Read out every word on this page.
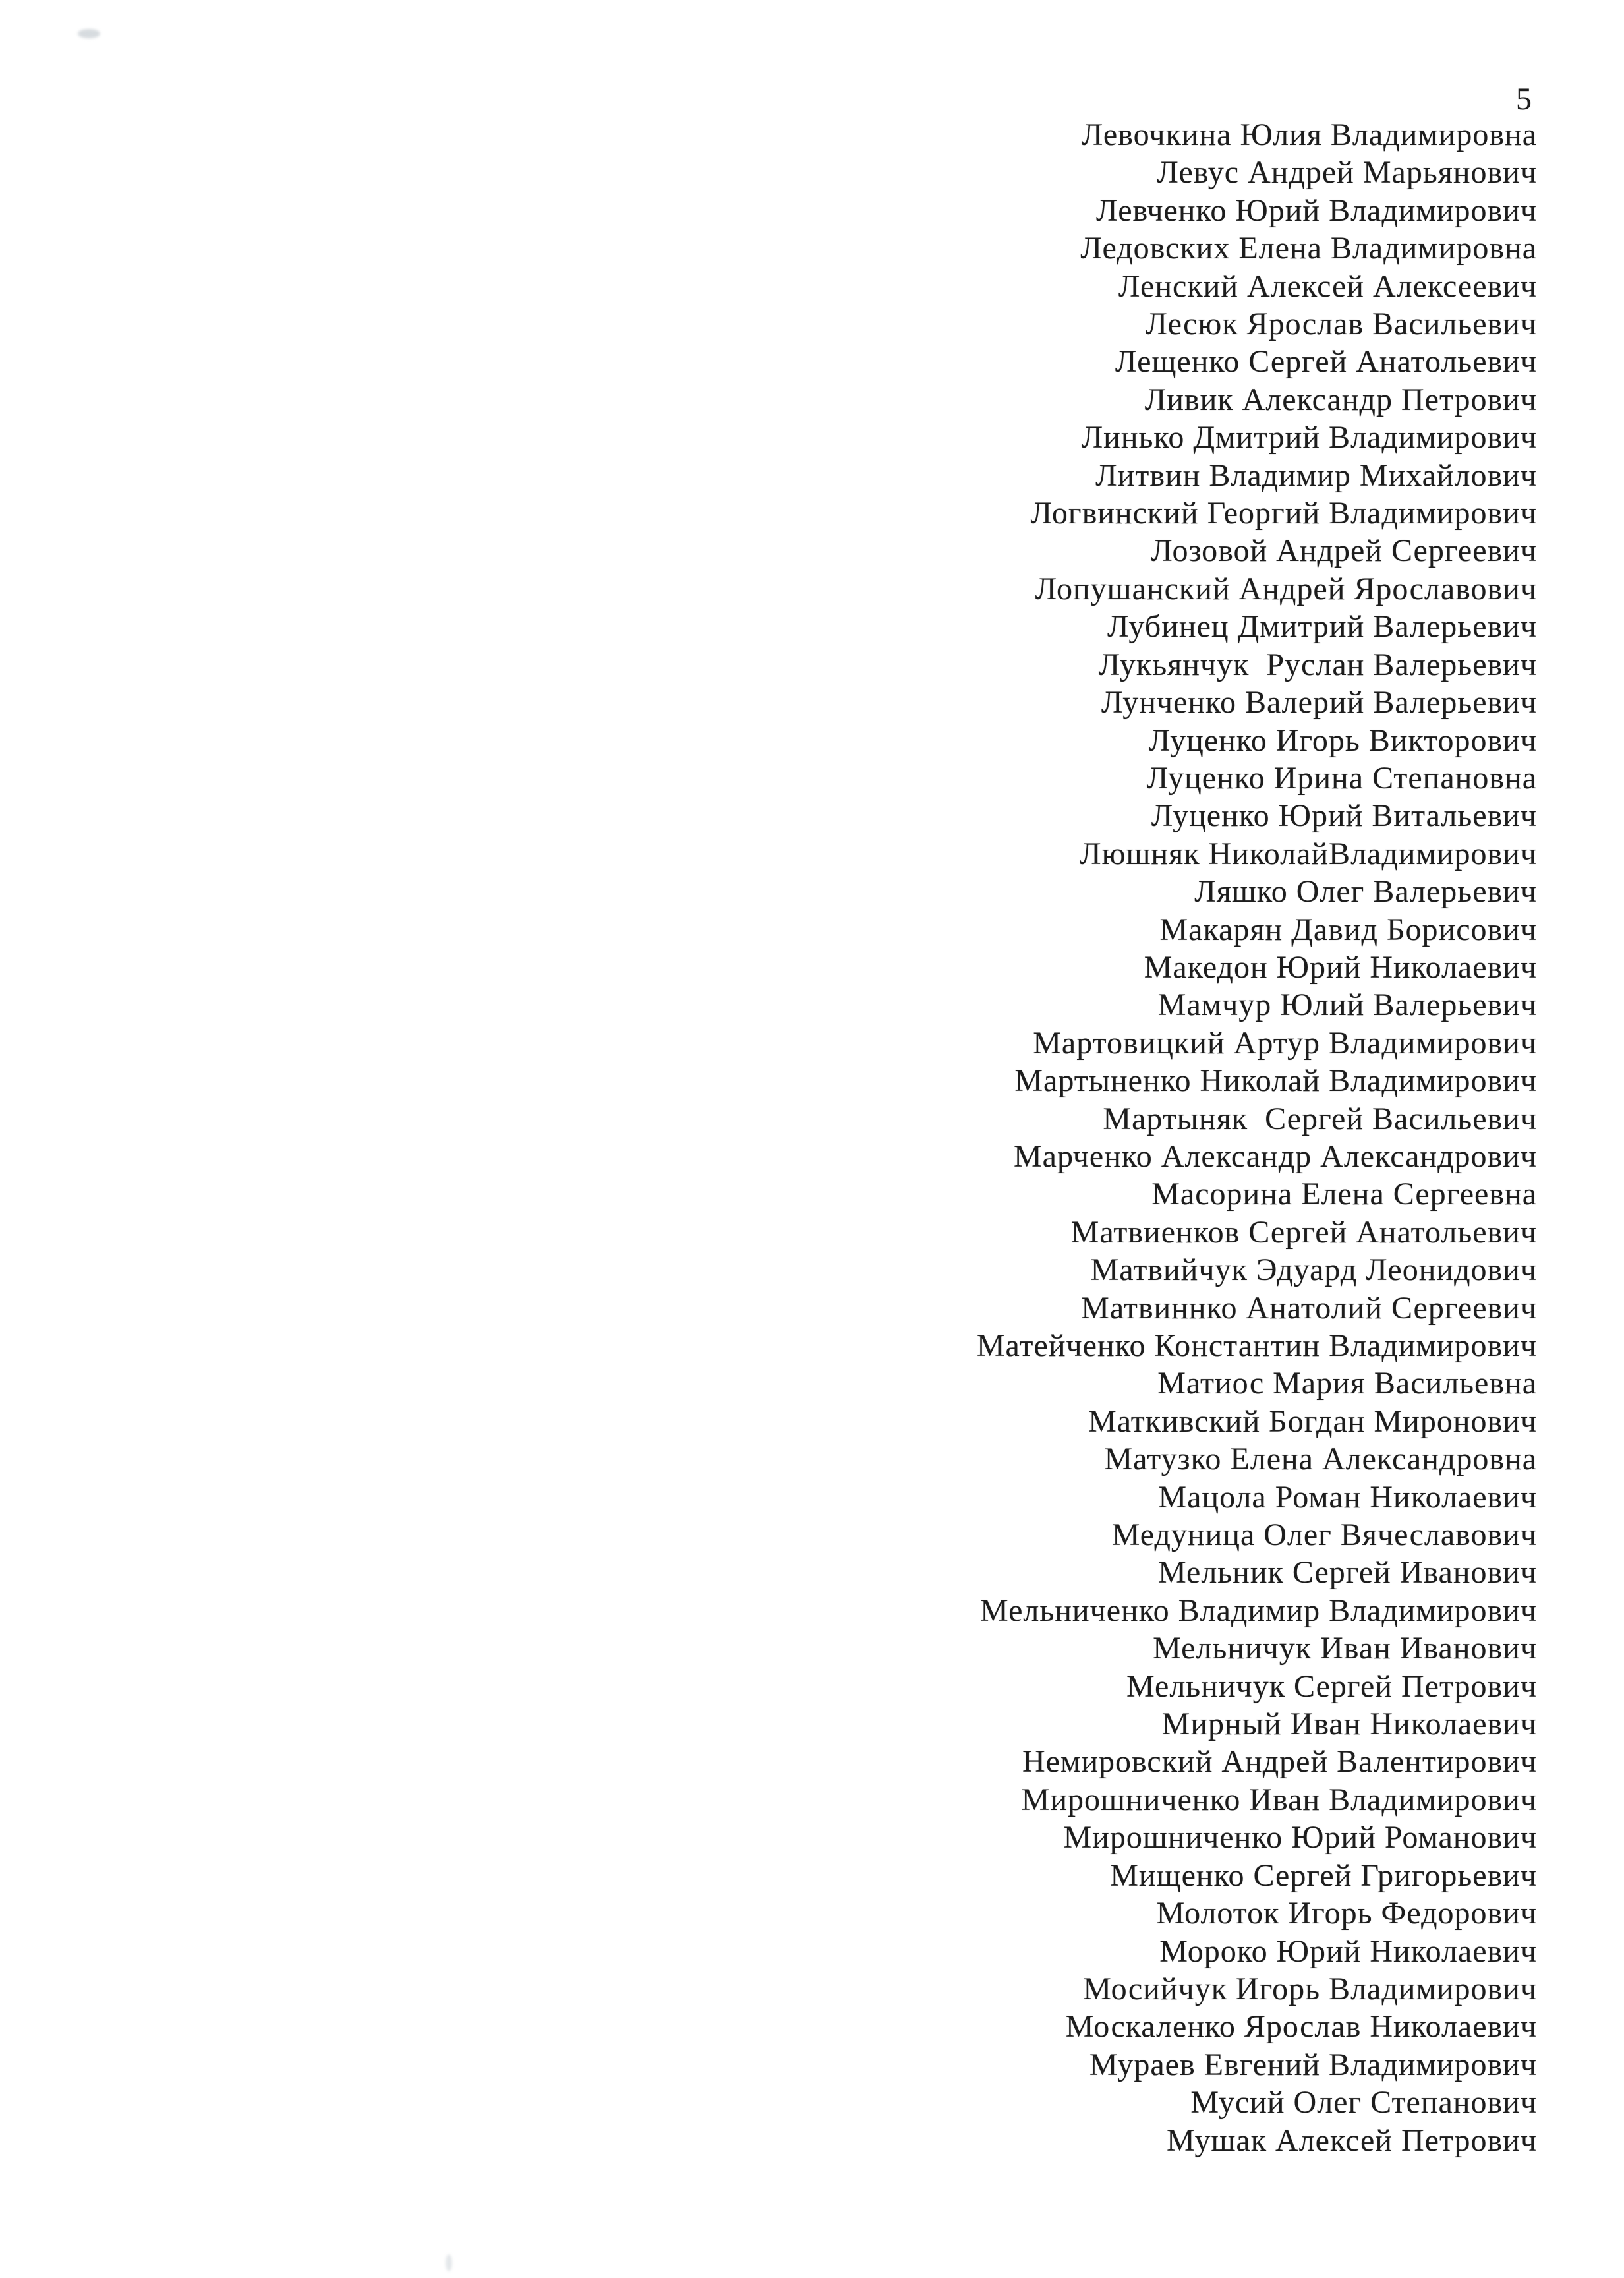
5
Левочкина Юлия Владимировна
Левус Андрей Марьянович
Левченко Юрий Владимирович
Ледовских Елена Владимировна
Ленский Алексей Алексеевич
Лесюк Ярослав Васильевич
Лещенко Сергей Анатольевич
Ливик Александр Петрович
Линько Дмитрий Владимирович
Литвин Владимир Михайлович
Логвинский Георгий Владимирович
Лозовой Андрей Сергеевич
Лопушанский Андрей Ярославович
Лубинец Дмитрий Валерьевич
Лукьянчук  Руслан Валерьевич
Лунченко Валерий Валерьевич
Луценко Игорь Викторович
Луценко Ирина Степановна
Луценко Юрий Витальевич
Люшняк НиколайВладимирович
Ляшко Олег Валерьевич
Макарян Давид Борисович
Македон Юрий Николаевич
Мамчур Юлий Валерьевич
Мартовицкий Артур Владимирович
Мартыненко Николай Владимирович
Мартыняк  Сергей Васильевич
Марченко Александр Александрович
Масорина Елена Сергеевна
Матвиенков Сергей Анатольевич
Матвийчук Эдуард Леонидович
Матвиннко Анатолий Сергеевич
Матейченко Константин Владимирович
Матиос Мария Васильевна
Маткивский Богдан Миронович
Матузко Елена Александровна
Мацола Роман Николаевич
Медуница Олег Вячеславович
Мельник Сергей Иванович
Мельниченко Владимир Владимирович
Мельничук Иван Иванович
Мельничук Сергей Петрович
Мирный Иван Николаевич
Немировский Андрей Валентирович
Мирошниченко Иван Владимирович
Мирошниченко Юрий Романович
Мищенко Сергей Григорьевич
Молоток Игорь Федорович
Мороко Юрий Николаевич
Мосийчук Игорь Владимирович
Москаленко Ярослав Николаевич
Мураев Евгений Владимирович
Мусий Олег Степанович
Мушак Алексей Петрович
